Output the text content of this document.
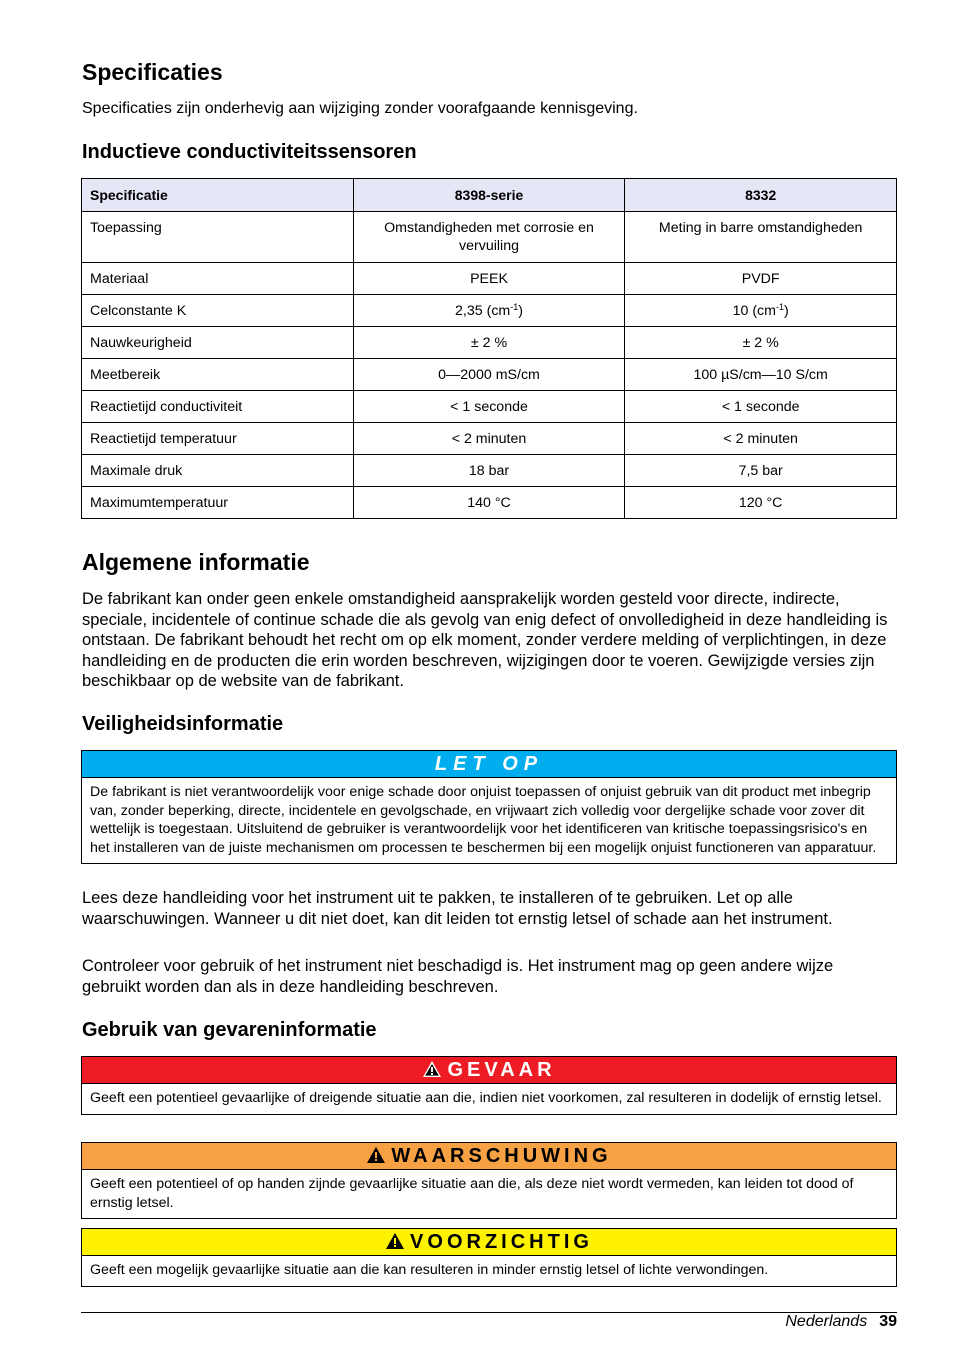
Specificaties
Specificaties zijn onderhevig aan wijziging zonder voorafgaande kennisgeving.
Inductieve conductiviteitssensoren
Specificatie	8398-serie	8332
Toepassing	Omstandigheden met corrosie en vervuiling	Meting in barre omstandigheden
Materiaal	PEEK	PVDF
Celconstante K	2,35 $(cm^{-1})$	10 $(cm^{-1})$
Nauwkeurigheid	± 2 %	± 2 %
Meetbereik	0—2000 mS/cm	100 µS/cm—10 S/cm
Reactietijd conductiviteit	< 1 seconde	< 1 seconde
Reactietijd temperatuur	< 2 minuten	< 2 minuten
Maximale druk	18 bar	7,5 bar
Maximumtemperatuur	140 °C	120 °C
Algemene informatie
De fabrikant kan onder geen enkele omstandigheid aansprakelijk worden gesteld voor directe, indirecte, speciale, incidentele of continue schade die als gevolg van enig defect of onvolledigheid in deze handleiding is ontstaan. De fabrikant behoudt het recht om op elk moment, zonder verdere melding of verplichtingen, in deze handleiding en de producten die erin worden beschreven, wijzigingen door te voeren. Gewijzigde versies zijn beschikbaar op de website van de fabrikant.
Veiligheidsinformatie
LET OP
De fabrikant is niet verantwoordelijk voor enige schade door onjuist toepassen of onjuist gebruik van dit product met inbegrip van, zonder beperking, directe, incidentele en gevolgschade, en vrijwaart zich volledig voor dergelijke schade voor zover dit wettelijk is toegestaan. Uitsluitend de gebruiker is verantwoordelijk voor het identificeren van kritische toepassingsrisico's en het installeren van de juiste mechanismen om processen te beschermen bij een mogelijk onjuist functioneren van apparatuur.
Lees deze handleiding voor het instrument uit te pakken, te installeren of te gebruiken. Let op alle waarschuwingen. Wanneer u dit niet doet, kan dit leiden tot ernstig letsel of schade aan het instrument.
Controleer voor gebruik of het instrument niet beschadigd is. Het instrument mag op geen andere wijze gebruikt worden dan als in deze handleiding beschreven.
Gebruik van gevareninformatie
GEVAAR
Geeft een potentieel gevaarlijke of dreigende situatie aan die, indien niet voorkomen, zal resulteren in dodelijk of ernstig letsel.
WAARSCHUWING
Geeft een potentieel of op handen zijnde gevaarlijke situatie aan die, als deze niet wordt vermeden, kan leiden tot dood of ernstig letsel.
VOORZICHTIG
Geeft een mogelijk gevaarlijke situatie aan die kan resulteren in minder ernstig letsel of lichte verwondingen.
Nederlands 39
